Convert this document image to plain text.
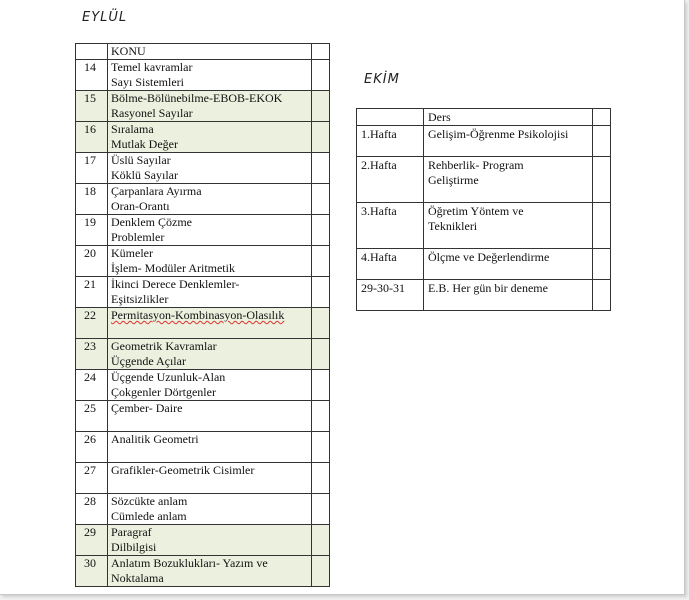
EYLÜL
	KONU	
14	Temel kavramlar
Sayı Sistemleri	

15	Bölme-Bölünebilme-EBOB-EKOK
Rasyonel Sayılar	

16	Sıralama
Mutlak Değer	

17	Üslü Sayılar
Köklü Sayılar	

18	Çarpanlara Ayırma
Oran-Orantı	

19	Denklem Çözme
Problemler	

20	Kümeler
İşlem- Modüler Aritmetik	

21	İkinci Derece Denklemler-
Eşitsizlikler	

22	Permitasyon-Kombinasyon-Olasılık	

23	Geometrik Kavramlar
Üçgende Açılar	

24	Üçgende Uzunluk-Alan
Çokgenler Dörtgenler	

25	Çember- Daire	

26	Analitik Geometri	

27	Grafikler-Geometrik Cisimler	

28	Sözcükte anlam
Cümlede anlam	

29	Paragraf
Dilbilgisi	

30	Anlatım Bozuklukları- Yazım ve
Noktalama	

EKİM
	Ders	
1.Hafta	Gelişim-Öğrenme Psikolojisi	

2.Hafta	Rehberlik- Program
Geliştirme	

3.Hafta	Öğretim Yöntem ve
Teknikleri	

4.Hafta	Ölçme ve Değerlendirme	

29-30-31	E.B. Her gün bir deneme	
